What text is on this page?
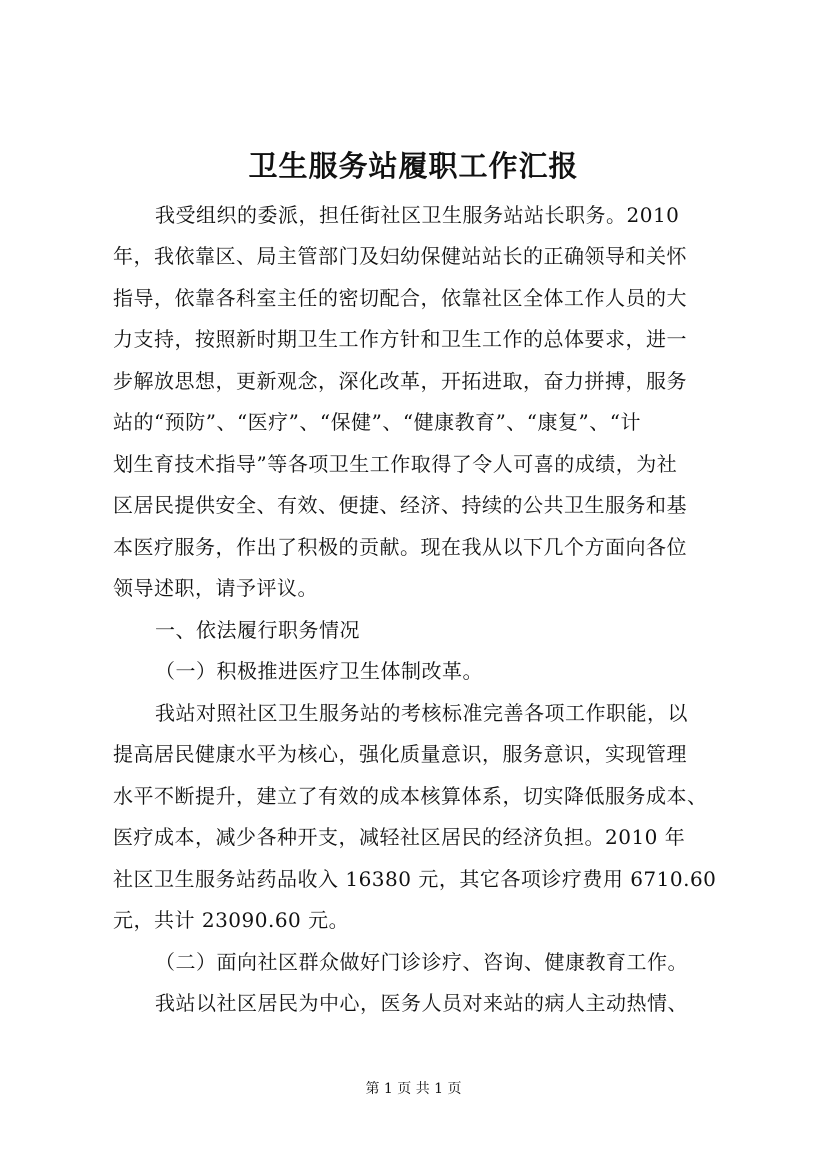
卫生服务站履职工作汇报

我受组织的委派，担任街社区卫生服务站站长职务。2010

年，我依靠区、局主管部门及妇幼保健站站长的正确领导和关怀

指导，依靠各科室主任的密切配合，依靠社区全体工作人员的大

力支持，按照新时期卫生工作方针和卫生工作的总体要求，进一

步解放思想，更新观念，深化改革，开拓进取，奋力拼搏，服务

站的“预防”、“医疗”、“保健”、“健康教育”、“康复”、“计

划生育技术指导”等各项卫生工作取得了令人可喜的成绩，为社

区居民提供安全、有效、便捷、经济、持续的公共卫生服务和基

本医疗服务，作出了积极的贡献。现在我从以下几个方面向各位

领导述职，请予评议。

一、依法履行职务情况

（一）积极推进医疗卫生体制改革。

我站对照社区卫生服务站的考核标准完善各项工作职能，以

提高居民健康水平为核心，强化质量意识，服务意识，实现管理

水平不断提升，建立了有效的成本核算体系，切实降低服务成本、

医疗成本，减少各种开支，减轻社区居民的经济负担。2010 年

社区卫生服务站药品收入 16380 元，其它各项诊疗费用 6710.60

元，共计 23090.60 元。

（二）面向社区群众做好门诊诊疗、咨询、健康教育工作。

我站以社区居民为中心，医务人员对来站的病人主动热情、

第 1 页 共 1 页
